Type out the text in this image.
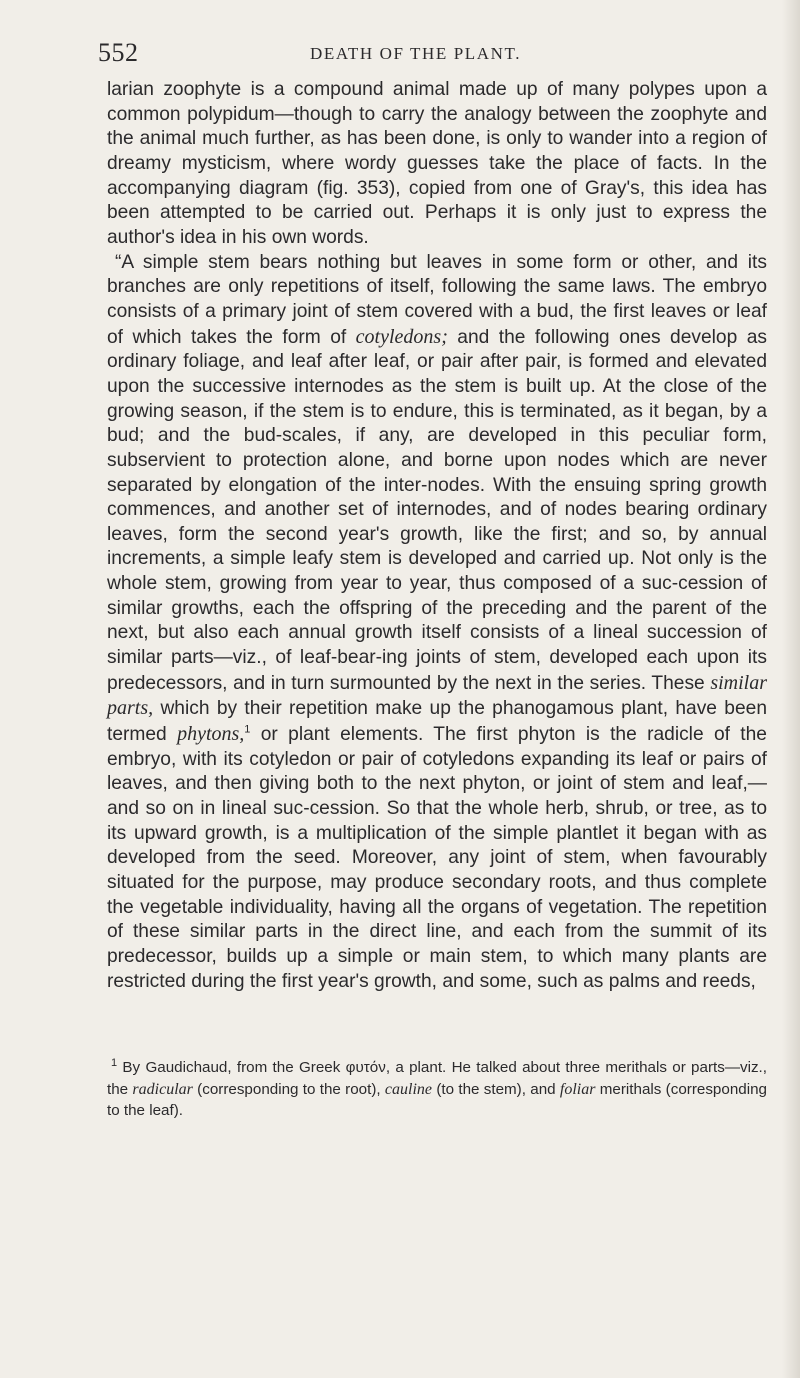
552	DEATH OF THE PLANT.

larian zoophyte is a compound animal made up of many polypes upon a common polypidum—though to carry the analogy between the zoophyte and the animal much further, as has been done, is only to wander into a region of dreamy mysticism, where wordy guesses take the place of facts. In the accompanying diagram (fig. 353), copied from one of Gray's, this idea has been attempted to be carried out. Perhaps it is only just to express the author's idea in his own words.

“A simple stem bears nothing but leaves in some form or other, and its branches are only repetitions of itself, following the same laws. The embryo consists of a primary joint of stem covered with a bud, the first leaves or leaf of which takes the form of cotyledons; and the following ones develop as ordinary foliage, and leaf after leaf, or pair after pair, is formed and elevated upon the successive internodes as the stem is built up. At the close of the growing season, if the stem is to endure, this is terminated, as it began, by a bud; and the bud-scales, if any, are developed in this peculiar form, subservient to protection alone, and borne upon nodes which are never separated by elongation of the inter-nodes. With the ensuing spring growth commences, and another set of internodes, and of nodes bearing ordinary leaves, form the second year's growth, like the first; and so, by annual increments, a simple leafy stem is developed and carried up. Not only is the whole stem, growing from year to year, thus composed of a suc-cession of similar growths, each the offspring of the preceding and the parent of the next, but also each annual growth itself consists of a lineal succession of similar parts—viz., of leaf-bear-ing joints of stem, developed each upon its predecessors, and in turn surmounted by the next in the series. These similar parts, which by their repetition make up the phanogamous plant, have been termed phytons,$^1$ or plant elements. The first phyton is the radicle of the embryo, with its cotyledon or pair of cotyledons expanding its leaf or pairs of leaves, and then giving both to the next phyton, or joint of stem and leaf,—and so on in lineal suc-cession. So that the whole herb, shrub, or tree, as to its upward growth, is a multiplication of the simple plantlet it began with as developed from the seed. Moreover, any joint of stem, when favourably situated for the purpose, may produce secondary roots, and thus complete the vegetable individuality, having all the organs of vegetation. The repetition of these similar parts in the direct line, and each from the summit of its predecessor, builds up a simple or main stem, to which many plants are restricted during the first year's growth, and some, such as palms and reeds,

$^1$ By Gaudichaud, from the Greek φυτόν, a plant. He talked about three merithals or parts—viz., the radicular (corresponding to the root), cauline (to the stem), and foliar merithals (corresponding to the leaf).
